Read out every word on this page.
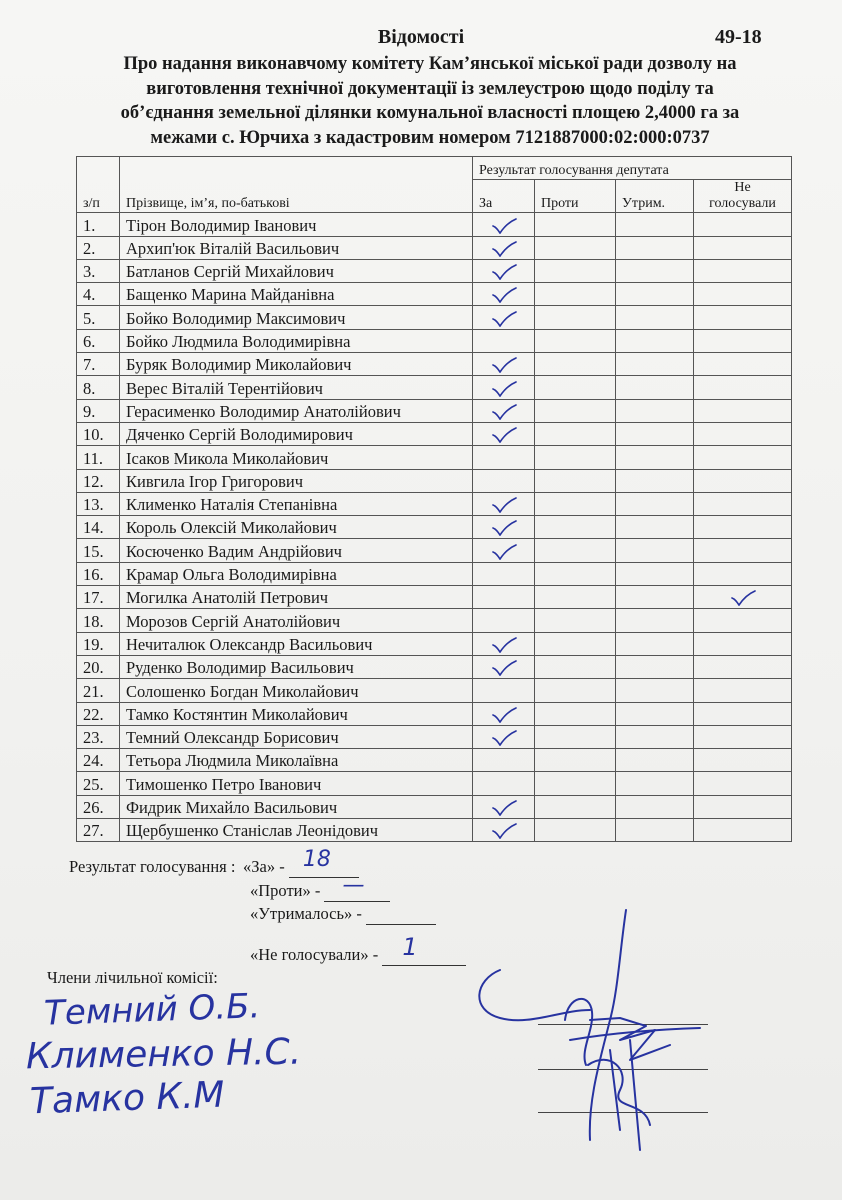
Відомості	49-18
Про надання виконавчому комітету Кам’янської міської ради дозволу на
виготовлення технічної документації із землеустрою щодо поділу та
об’єднання земельної ділянки комунальної власності площею 2,4000 га за
межами с. Юрчиха з кадастровим номером 7121887000:02:000:0737
з/п	Прізвище, ім’я, по-батькові	Результат голосування депутата			
		За	Проти	Утрим.	Не
голосували
1.	Тірон Володимир Іванович				
2.	Архип'юк Віталій Васильович				
3.	Батланов Сергій Михайлович				
4.	Бащенко Марина Майданівна				
5.	Бойко Володимир Максимович				
6.	Бойко Людмила Володимирівна				
7.	Буряк Володимир Миколайович				
8.	Верес Віталій Терентійович				
9.	Герасименко Володимир Анатолійович				
10.	Дяченко Сергій Володимирович				
11.	Ісаков Микола Миколайович				
12.	Кивгила Ігор Григорович				
13.	Клименко Наталія Степанівна				
14.	Король Олексій Миколайович				
15.	Косюченко Вадим Андрійович				
16.	Крамар Ольга Володимирівна				
17.	Могилка Анатолій Петрович				
18.	Морозов Сергій Анатолійович				
19.	Нечиталюк Олександр Васильович				
20.	Руденко Володимир Васильович				
21.	Солошенко Богдан Миколайович				
22.	Тамко Костянтин Миколайович				
23.	Темний Олександр Борисович				
24.	Тетьора Людмила Миколаївна				
25.	Тимошенко Петро Іванович				
26.	Фидрик Михайло Васильович				
27.	Щербушенко Станіслав Леонідович				
Результат голосування : «За» - 18

«Проти» - —

«Утрималось» -
«Не голосували» - 1

Члени лічильної комісії:
Темний О.Б.
Клименко Н.С.
Тамко К.М
